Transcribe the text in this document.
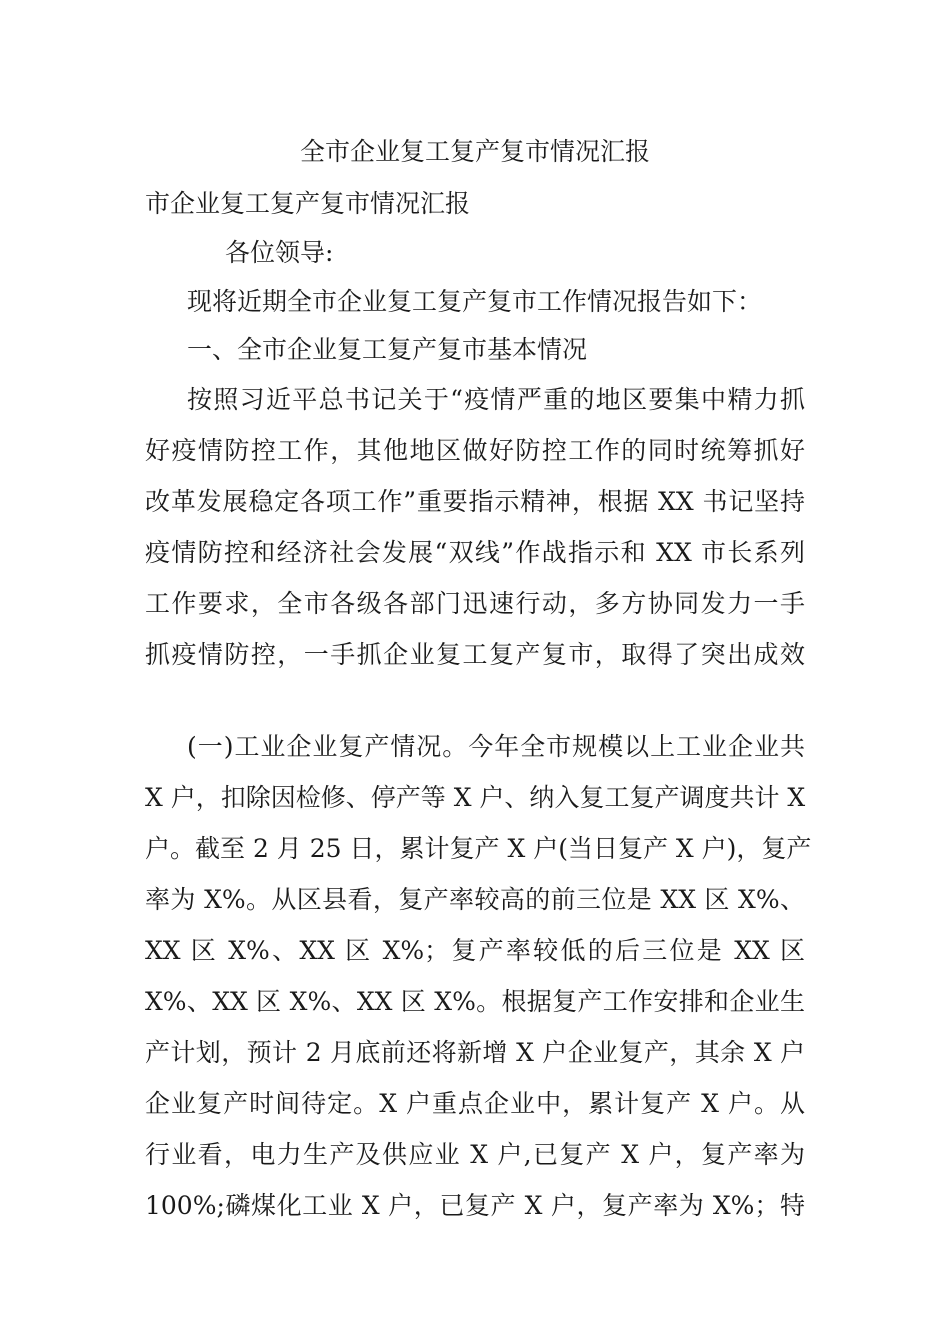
全市企业复工复产复市情况汇报
市企业复工复产复市情况汇报
各位领导:
现将近期全市企业复工复产复市工作情况报告如下：
一、全市企业复工复产复市基本情况
按照习近平总书记关于“疫情严重的地区要集中精力抓
好疫情防控工作，其他地区做好防控工作的同时统筹抓好
改革发展稳定各项工作”重要指示精神，根据 XX 书记坚持
疫情防控和经济社会发展“双线”作战指示和 XX 市长系列
工作要求，全市各级各部门迅速行动，多方协同发力一手
抓疫情防控，一手抓企业复工复产复市，取得了突出成效
(一)工业企业复产情况。今年全市规模以上工业企业共
X 户，扣除因检修、停产等 X 户、纳入复工复产调度共计 X
户。截至 2 月 25 日，累计复产 X 户(当日复产 X 户)，复产
率为 X%。从区县看，复产率较高的前三位是 XX 区 X%、
XX 区 X%、XX 区 X%；复产率较低的后三位是 XX 区
X%、XX 区 X%、XX 区 X%。根据复产工作安排和企业生
产计划，预计 2 月底前还将新增 X 户企业复产，其余 X 户
企业复产时间待定。X 户重点企业中，累计复产 X 户。从
行业看，电力生产及供应业 X 户,已复产 X 户，复产率为
100%;磷煤化工业 X 户，已复产 X 户，复产率为 X%；特
